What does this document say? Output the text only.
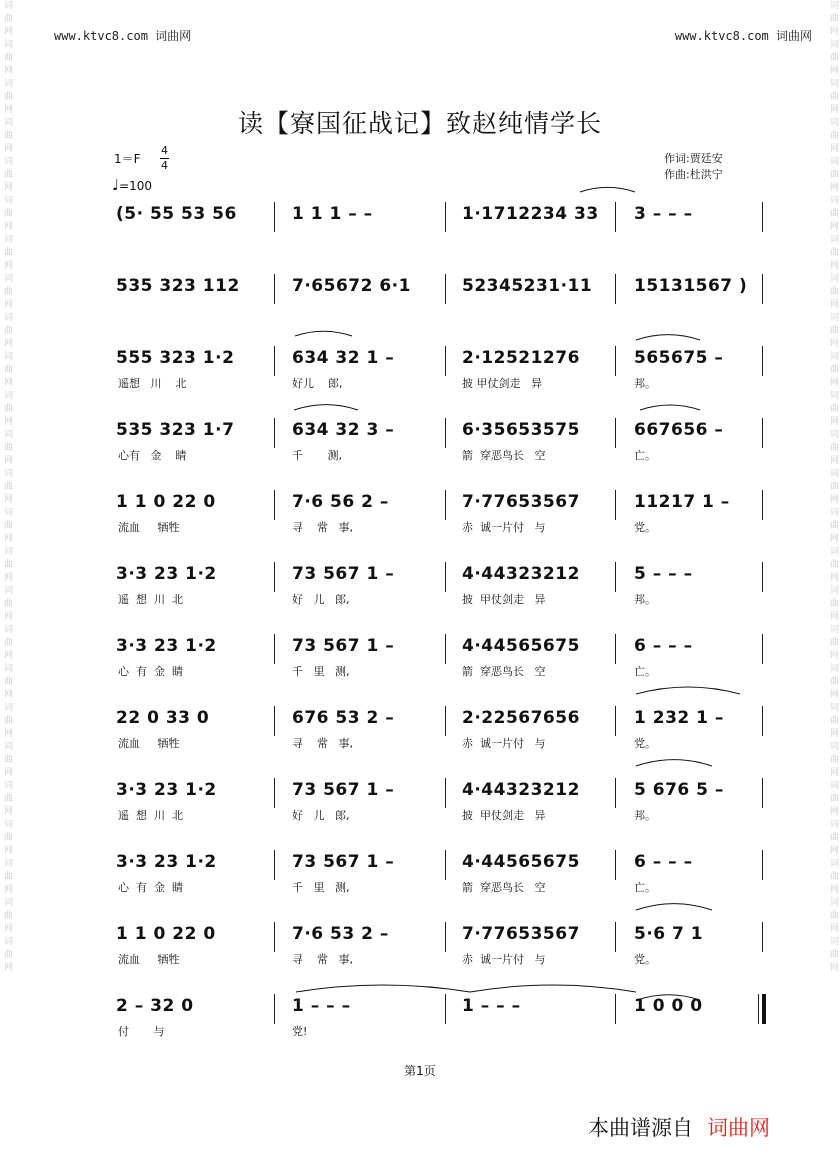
词曲网词曲网词曲网词曲网词曲网词曲网词曲网词曲网词曲网词曲网词曲网词曲网词曲网词曲网词曲网词曲网词曲网词曲网词曲网词曲网词曲网词曲网词曲网词曲网词曲网	词曲网词曲网词曲网词曲网词曲网词曲网词曲网词曲网词曲网词曲网词曲网词曲网词曲网词曲网词曲网词曲网词曲网词曲网词曲网词曲网词曲网词曲网词曲网词曲网词曲网
www.ktvc8.com 词曲网	www.ktvc8.com 词曲网
读【寮国征战记】致赵纯情学长
1＝F
4
4
♩=100
作词:贾廷安
作曲:杜洪宁
(5· 55 53 56	1 1 1 – –	1·1712234 33 3 – – –
535 323 112	7·65672 6·1	52345231·11 15131567 )
555 323 1·2	634 32 1 –	2·12521276	565675 –
遥想   川    北	好儿    郎,	披 甲仗剑走   异	邦。
535 323 1·7	634 32 3 –	6·35653575	667656 –
心有   金    睛	千       测,	箭  穿恶鸟长   空	亡。
1 1 0 22 0	7·6 56 2 –	7·77653567	11217 1 –
流血     牺牲	寻    常   事,	赤  诚一片付   与	党。
3·3 23 1·2	73 567 1 –	4·44323212	5 – – –
遥  想  川  北	好   儿   郎,	披  甲仗剑走   异	邦。
3·3 23 1·2	73 567 1 –	4·44565675	6 – – –
心  有  金  睛	千   里   测,	箭  穿恶鸟长   空	亡。
22 0 33 0	676 53 2 –	2·22567656	1 232 1 –
流血     牺牲	寻    常   事,	赤  诚一片付   与	党。
3·3 23 1·2	73 567 1 –	4·44323212	5 676 5 –
遥  想  川  北	好   儿   郎,	披  甲仗剑走   异	邦。
3·3 23 1·2	73 567 1 –	4·44565675	6 – – –
心  有  金  睛	千   里   测,	箭  穿恶鸟长   空	亡。
1 1 0 22 0	7·6 53 2 –	7·77653567	5·6 7 1
流血     牺牲	寻    常   事,	赤  诚一片付   与	党。
2 – 32 0	1 – – –	1 – – –	1 0 0 0
付       与	党!
第1页
本曲谱源自 词曲网
